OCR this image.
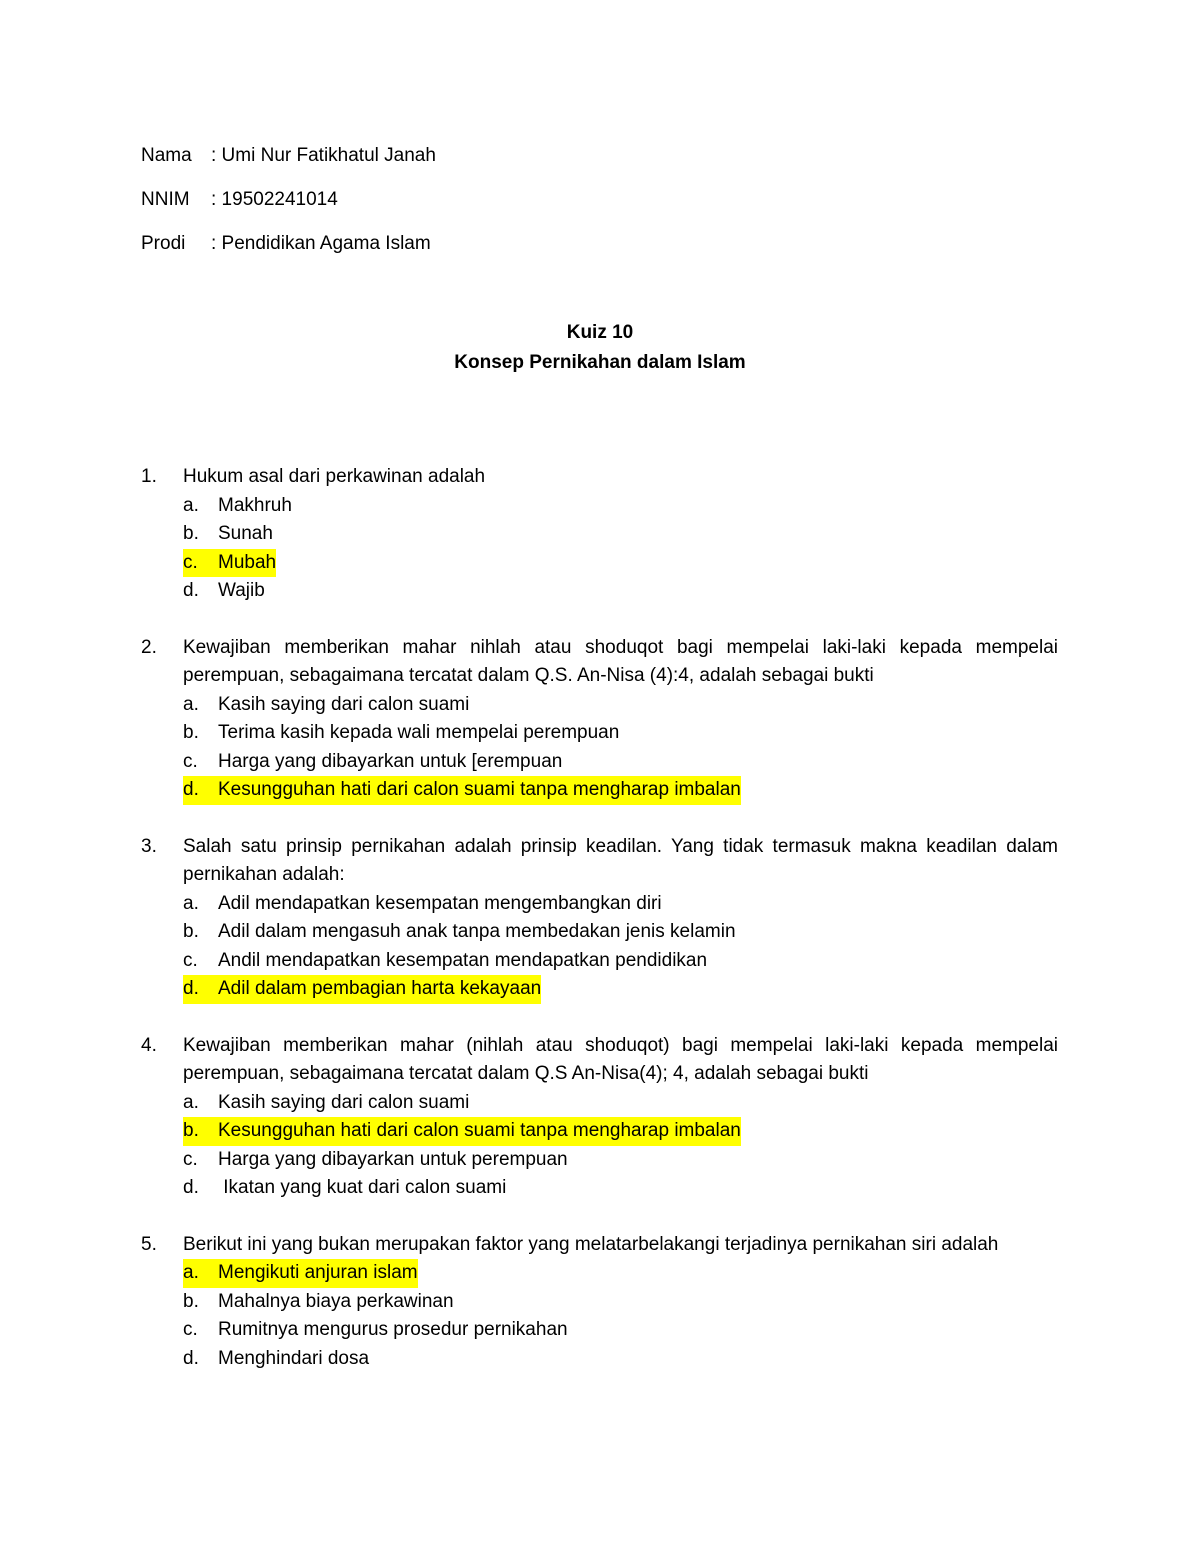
Nama	: Umi Nur Fatikhatul Janah
NNIM	: 19502241014
Prodi	: Pendidikan Agama Islam
Kuiz 10
Konsep Pernikahan dalam Islam
1.	Hukum asal dari perkawinan adalah
a.	Makhruh
b.	Sunah
c.	Mubah
d.	Wajib
2.	Kewajiban memberikan mahar nihlah atau shoduqot bagi mempelai laki-laki kepada mempelai perempuan, sebagaimana tercatat dalam Q.S. An-Nisa (4):4, adalah sebagai bukti
a.	Kasih saying dari calon suami
b.	Terima kasih kepada wali mempelai perempuan
c.	Harga yang dibayarkan untuk [erempuan
d.	Kesungguhan hati dari calon suami tanpa mengharap imbalan
3.	Salah satu prinsip pernikahan adalah prinsip keadilan. Yang tidak termasuk makna keadilan dalam pernikahan adalah:
a.	Adil mendapatkan kesempatan mengembangkan diri
b.	Adil dalam mengasuh anak tanpa membedakan jenis kelamin
c.	Andil mendapatkan kesempatan mendapatkan pendidikan
d.	Adil dalam pembagian harta kekayaan
4.	Kewajiban memberikan mahar (nihlah atau shoduqot) bagi mempelai laki-laki kepada mempelai perempuan, sebagaimana tercatat dalam Q.S An-Nisa(4); 4, adalah sebagai bukti
a.	Kasih saying dari calon suami
b.	Kesungguhan hati dari calon suami tanpa mengharap imbalan
c.	Harga yang dibayarkan untuk perempuan
d.	Ikatan yang kuat dari calon suami
5.	Berikut ini yang bukan merupakan faktor yang melatarbelakangi terjadinya pernikahan siri adalah
a.	Mengikuti anjuran islam
b.	Mahalnya biaya perkawinan
c.	Rumitnya mengurus prosedur pernikahan
d.	Menghindari dosa
